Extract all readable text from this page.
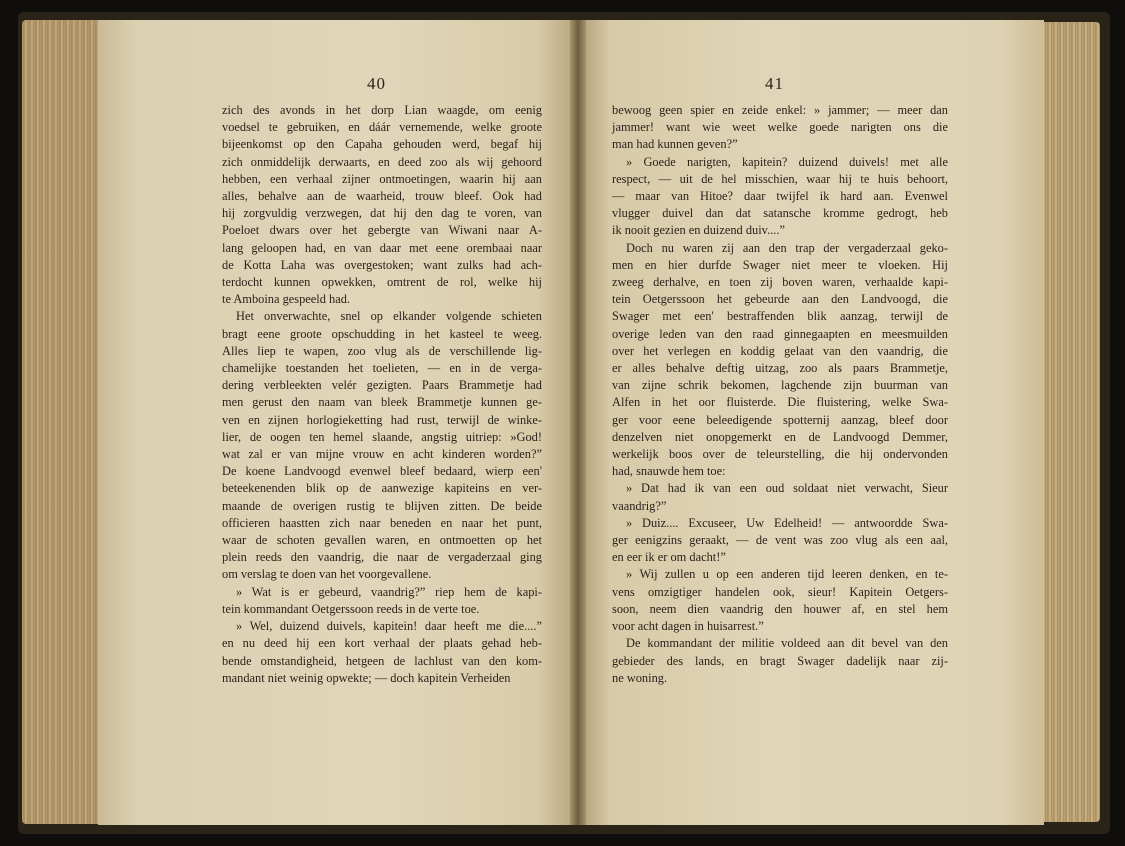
40	41
zich des avonds in het dorp Lian waagde, om eenig
voedsel te gebruiken, en dáár vernemende, welke groote
bijeenkomst op den Capaha gehouden werd, begaf hij
zich onmiddelijk derwaarts, en deed zoo als wij gehoord
hebben, een verhaal zijner ontmoetingen, waarin hij aan
alles, behalve aan de waarheid, trouw bleef. Ook had
hij zorgvuldig verzwegen, dat hij den dag te voren, van
Poeloet dwars over het gebergte van Wiwani naar A-
lang geloopen had, en van daar met eene orembaai naar
de Kotta Laha was overgestoken; want zulks had ach-
terdocht kunnen opwekken, omtrent de rol, welke hij
te Amboina gespeeld had.
Het onverwachte, snel op elkander volgende schieten
bragt eene groote opschudding in het kasteel te weeg.
Alles liep te wapen, zoo vlug als de verschillende lig-
chamelijke toestanden het toelieten, — en in de verga-
dering verbleekten velér gezigten. Paars Brammetje had
men gerust den naam van bleek Brammetje kunnen ge-
ven en zijnen horlogieketting had rust, terwijl de winke-
lier, de oogen ten hemel slaande, angstig uitriep: »God!
wat zal er van mijne vrouw en acht kinderen worden?”
De koene Landvoogd evenwel bleef bedaard, wierp een'
beteekenenden blik op de aanwezige kapiteins en ver-
maande de overigen rustig te blijven zitten. De beide
officieren haastten zich naar beneden en naar het punt,
waar de schoten gevallen waren, en ontmoetten op het
plein reeds den vaandrig, die naar de vergaderzaal ging
om verslag te doen van het voorgevallene.
» Wat is er gebeurd, vaandrig?” riep hem de kapi-
tein kommandant Oetgerssoon reeds in de verte toe.
» Wel, duizend duivels, kapitein! daar heeft me die....”
en nu deed hij een kort verhaal der plaats gehad heb-
bende omstandigheid, hetgeen de lachlust van den kom-
mandant niet weinig opwekte; — doch kapitein Verheiden
bewoog geen spier en zeide enkel: » jammer; — meer dan
jammer! want wie weet welke goede narigten ons die
man had kunnen geven?”
» Goede narigten, kapitein? duizend duivels! met alle
respect, — uit de hel misschien, waar hij te huis behoort,
— maar van Hitoe? daar twijfel ik hard aan. Evenwel
vlugger duivel dan dat satansche kromme gedrogt, heb
ik nooit gezien en duizend duiv....”
Doch nu waren zij aan den trap der vergaderzaal geko-
men en hier durfde Swager niet meer te vloeken. Hij
zweeg derhalve, en toen zij boven waren, verhaalde kapi-
tein Oetgerssoon het gebeurde aan den Landvoogd, die
Swager met een' bestraffenden blik aanzag, terwijl de
overige leden van den raad ginnegaapten en meesmuilden
over het verlegen en koddig gelaat van den vaandrig, die
er alles behalve deftig uitzag, zoo als paars Brammetje,
van zijne schrik bekomen, lagchende zijn buurman van
Alfen in het oor fluisterde. Die fluistering, welke Swa-
ger voor eene beleedigende spotternij aanzag, bleef door
denzelven niet onopgemerkt en de Landvoogd Demmer,
werkelijk boos over de teleurstelling, die hij ondervonden
had, snauwde hem toe:
» Dat had ik van een oud soldaat niet verwacht, Sieur
vaandrig?”
» Duiz.... Excuseer, Uw Edelheid! — antwoordde Swa-
ger eenigzins geraakt, — de vent was zoo vlug als een aal,
en eer ik er om dacht!”
» Wij zullen u op een anderen tijd leeren denken, en te-
vens omzigtiger handelen ook, sieur! Kapitein Oetgers-
soon, neem dien vaandrig den houwer af, en stel hem
voor acht dagen in huisarrest.”
De kommandant der militie voldeed aan dit bevel van den
gebieder des lands, en bragt Swager dadelijk naar zij-
ne woning.
